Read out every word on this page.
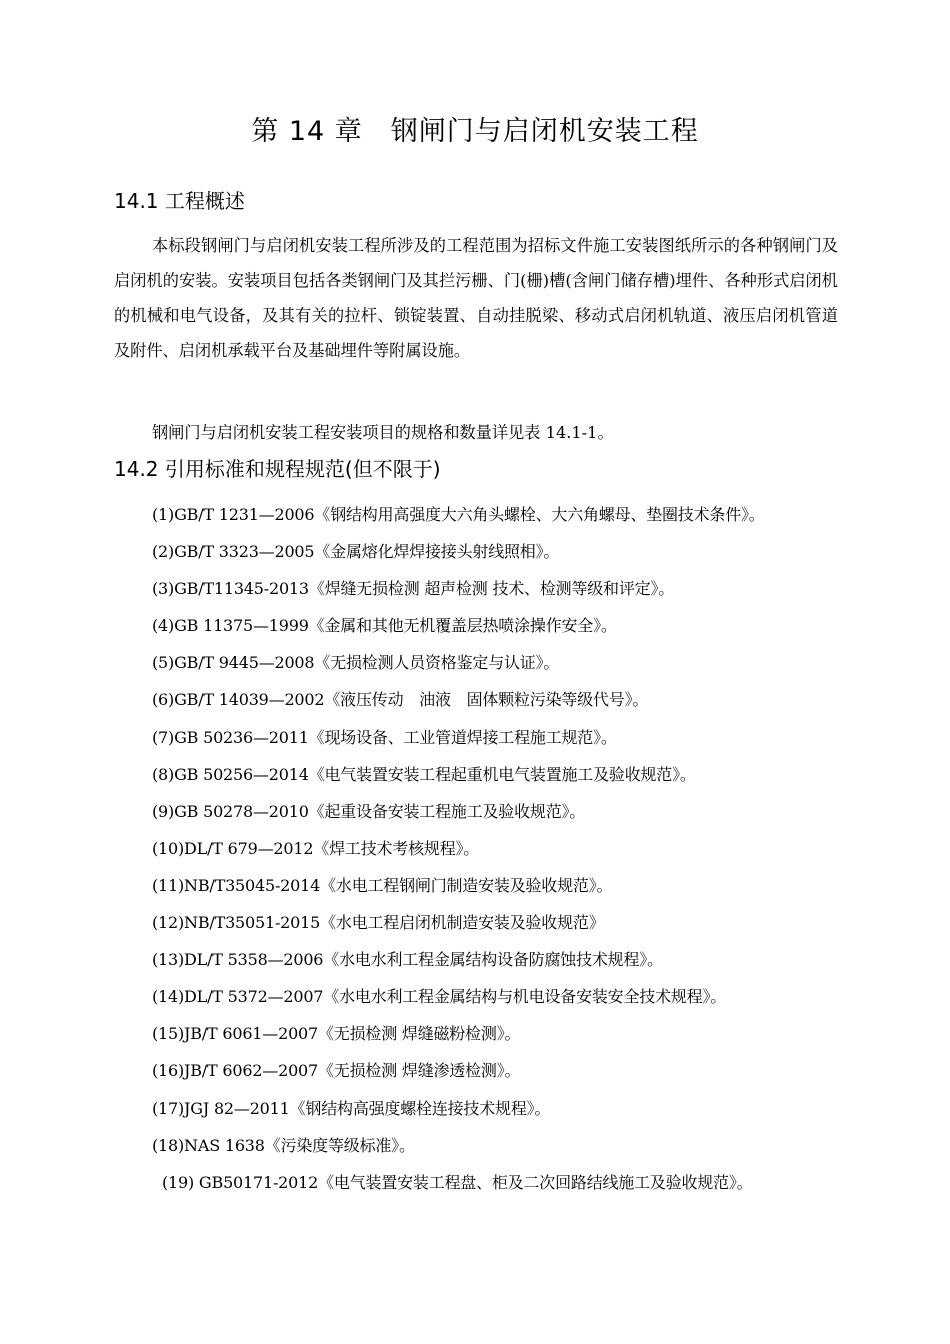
第 14 章　钢闸门与启闭机安装工程
14.1 工程概述

本标段钢闸门与启闭机安装工程所涉及的工程范围为招标文件施工安装图纸所示的各种钢闸门及启闭机的安装。安装项目包括各类钢闸门及其拦污栅、门(栅)槽(含闸门储存槽)埋件、各种形式启闭机的机械和电气设备，及其有关的拉杆、锁锭装置、自动挂脱梁、移动式启闭机轨道、液压启闭机管道及附件、启闭机承载平台及基础埋件等附属设施。

钢闸门与启闭机安装工程安装项目的规格和数量详见表 14.1-1。

14.2 引用标准和规程规范(但不限于)
(1)GB/T 1231—2006《钢结构用高强度大六角头螺栓、大六角螺母、垫圈技术条件》。
(2)GB/T 3323—2005《金属熔化焊焊接接头射线照相》。
(3)GB/T11345-2013《焊缝无损检测 超声检测 技术、检测等级和评定》。
(4)GB 11375—1999《金属和其他无机覆盖层热喷涂操作安全》。
(5)GB/T 9445—2008《无损检测人员资格鉴定与认证》。
(6)GB/T 14039—2002《液压传动　油液　固体颗粒污染等级代号》。
(7)GB 50236—2011《现场设备、工业管道焊接工程施工规范》。
(8)GB 50256—2014《电气装置安装工程起重机电气装置施工及验收规范》。
(9)GB 50278—2010《起重设备安装工程施工及验收规范》。
(10)DL/T 679—2012《焊工技术考核规程》。
(11)NB/T35045-2014《水电工程钢闸门制造安装及验收规范》。
(12)NB/T35051-2015《水电工程启闭机制造安装及验收规范》
(13)DL/T 5358—2006《水电水利工程金属结构设备防腐蚀技术规程》。
(14)DL/T 5372—2007《水电水利工程金属结构与机电设备安装安全技术规程》。
(15)JB/T 6061—2007《无损检测 焊缝磁粉检测》。
(16)JB/T 6062—2007《无损检测 焊缝渗透检测》。
(17)JGJ 82—2011《钢结构高强度螺栓连接技术规程》。
(18)NAS 1638《污染度等级标准》。
(19) GB50171-2012《电气装置安装工程盘、柜及二次回路结线施工及验收规范》。
